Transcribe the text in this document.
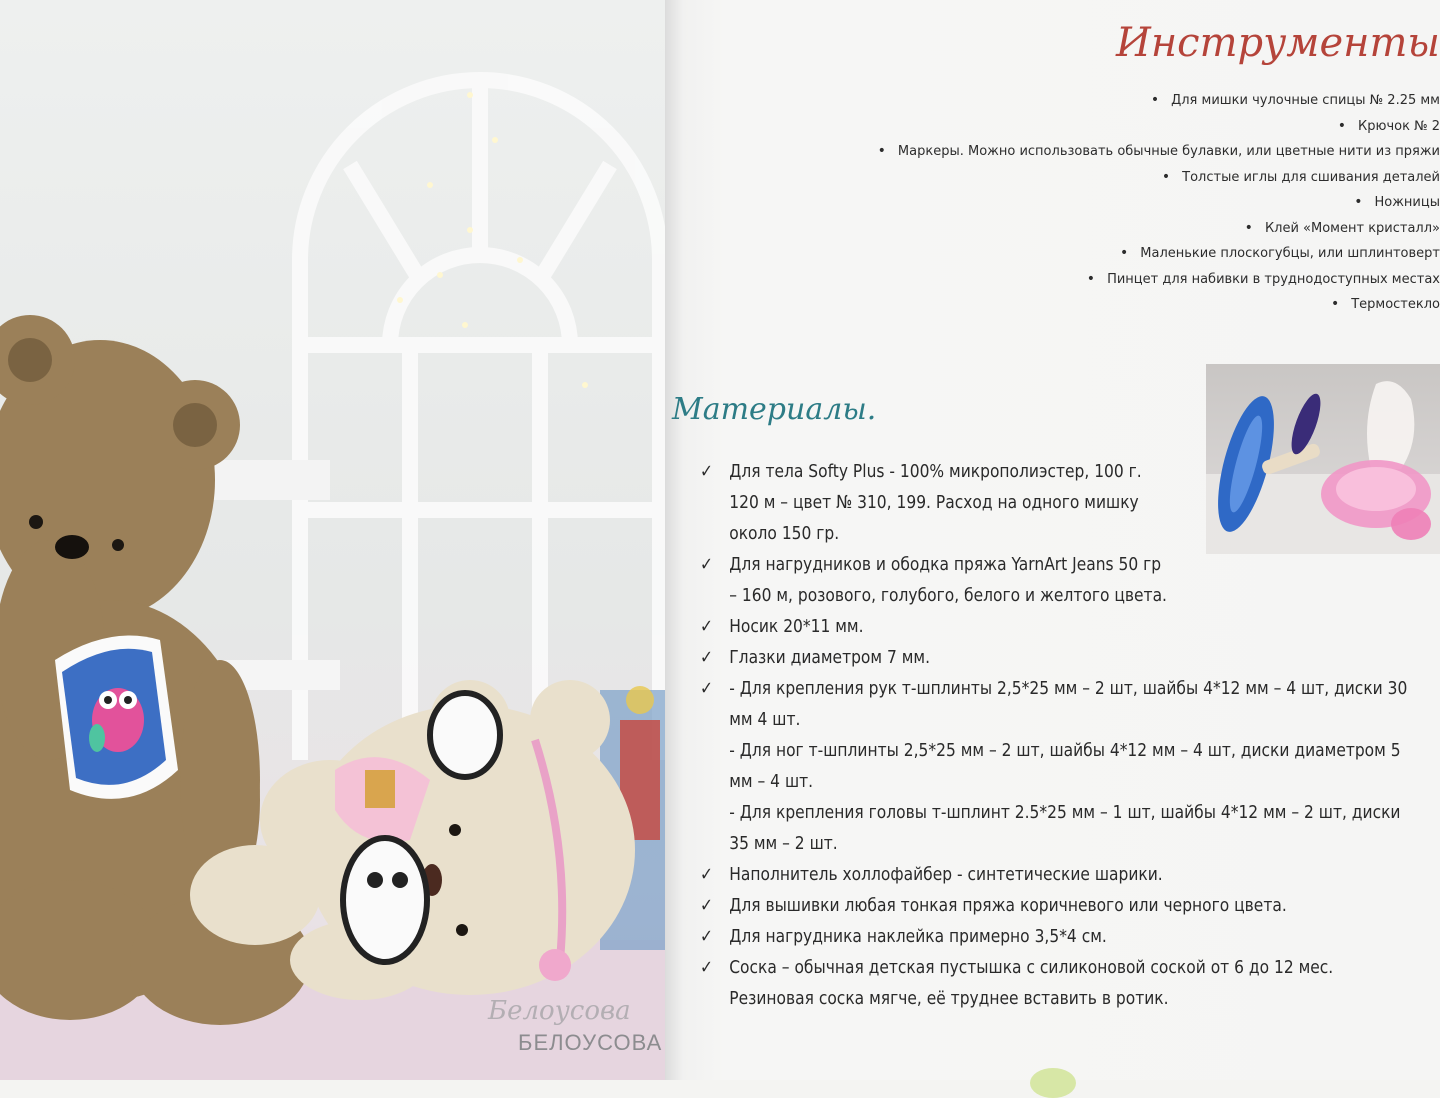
Белоусова
БЕЛОУСОВА
Инструменты
• Для мишки чулочные спицы № 2.25 мм
• Крючок № 2
• Маркеры. Можно использовать обычные булавки, или цветные нити из пряжи
• Толстые иглы для сшивания деталей
• Ножницы
• Клей «Момент кристалл»
• Маленькие плоскогубцы, или шплинтоверт
• Пинцет для набивки в труднодоступных местах
• Термостекло
Материалы.
✓ Для тела Softy Plus - 100% микрополиэстер, 100 г.
120 м – цвет № 310, 199. Расход на одного мишку
около 150 гр.
✓ Для нагрудников и ободка пряжа YarnArt Jeans 50 гр
– 160 м, розового, голубого, белого и желтого цвета.
✓ Носик 20*11 мм.
✓ Глазки диаметром 7 мм.
✓ - Для крепления рук т-шплинты 2,5*25 мм – 2 шт, шайбы 4*12 мм – 4 шт, диски 30
мм 4 шт.
- Для ног т-шплинты 2,5*25 мм – 2 шт, шайбы 4*12 мм – 4 шт, диски диаметром 5
мм – 4 шт.
- Для крепления головы т-шплинт 2.5*25 мм – 1 шт, шайбы 4*12 мм – 2 шт, диски
35 мм – 2 шт.
✓ Наполнитель холлофайбер - синтетические шарики.
✓ Для вышивки любая тонкая пряжа коричневого или черного цвета.
✓ Для нагрудника наклейка примерно 3,5*4 см.
✓ Соска – обычная детская пустышка с силиконовой соской от 6 до 12 мес.
Резиновая соска мягче, её труднее вставить в ротик.
